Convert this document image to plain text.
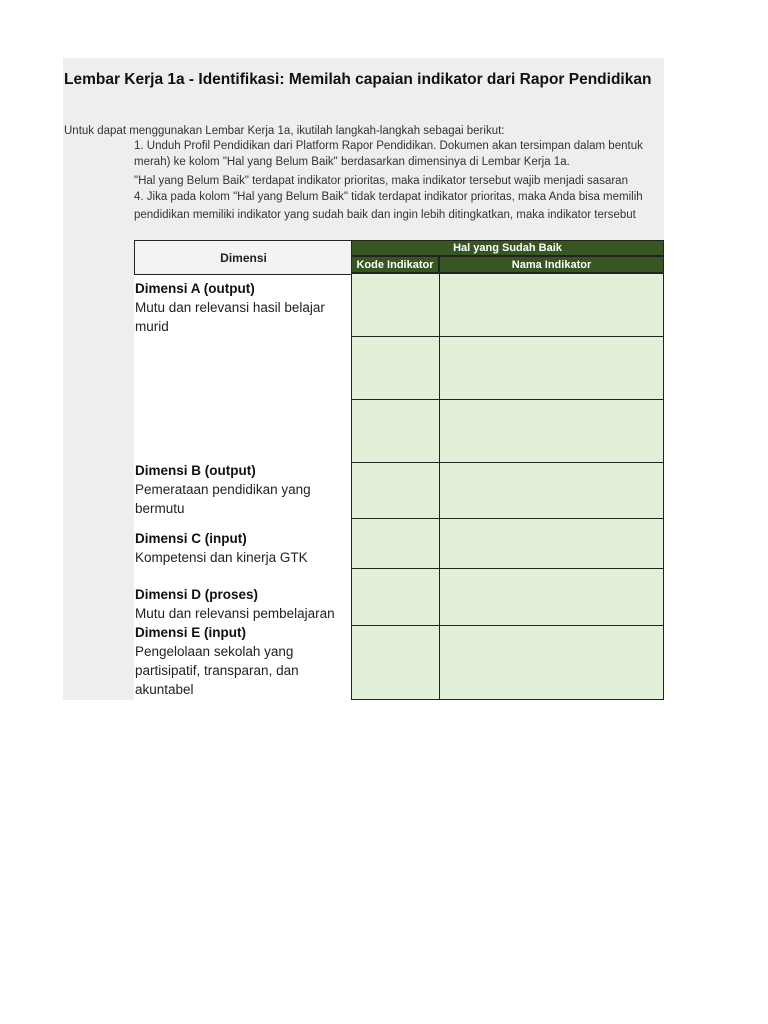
Lembar Kerja 1a - Identifikasi: Memilah capaian indikator dari Rapor Pendidikan
Untuk dapat menggunakan Lembar Kerja 1a, ikutilah langkah-langkah sebagai berikut:
1. Unduh Profil Pendidikan dari Platform Rapor Pendidikan. Dokumen akan tersimpan dalam bentuk
merah) ke kolom "Hal yang Belum Baik" berdasarkan dimensinya di Lembar Kerja 1a.
"Hal yang Belum Baik" terdapat indikator prioritas, maka indikator tersebut wajib menjadi sasaran
4. Jika pada kolom "Hal yang Belum Baik" tidak terdapat indikator prioritas, maka Anda bisa memilih
pendidikan memiliki indikator yang sudah baik dan ingin lebih ditingkatkan, maka indikator tersebut
Dimensi
Hal yang Sudah Baik
Kode Indikator	Nama Indikator
Dimensi A (output)
Mutu dan relevansi hasil belajar murid
Dimensi B (output)
Pemerataan pendidikan yang bermutu
Dimensi C (input)
Kompetensi dan kinerja GTK
Dimensi D (proses)
Mutu dan relevansi pembelajaran
Dimensi E (input)
Pengelolaan sekolah yang partisipatif, transparan, dan akuntabel
